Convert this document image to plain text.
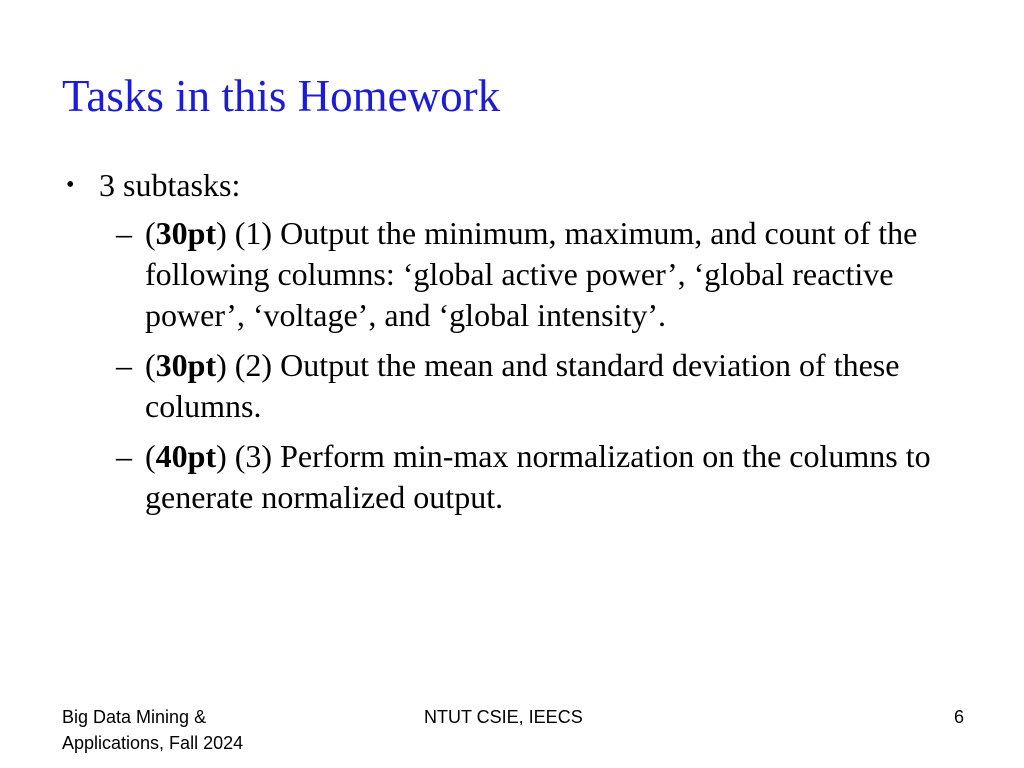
Tasks in this Homework
• 3 subtasks:
– (30pt) (1) Output the minimum, maximum, and count of the following columns: ‘global active power’, ‘global reactive power’, ‘voltage’, and ‘global intensity’.
– (30pt) (2) Output the mean and standard deviation of these columns.
– (40pt) (3) Perform min-max normalization on the columns to generate normalized output.
Big Data Mining &
Applications, Fall 2024
NTUT CSIE, IEECS	6
